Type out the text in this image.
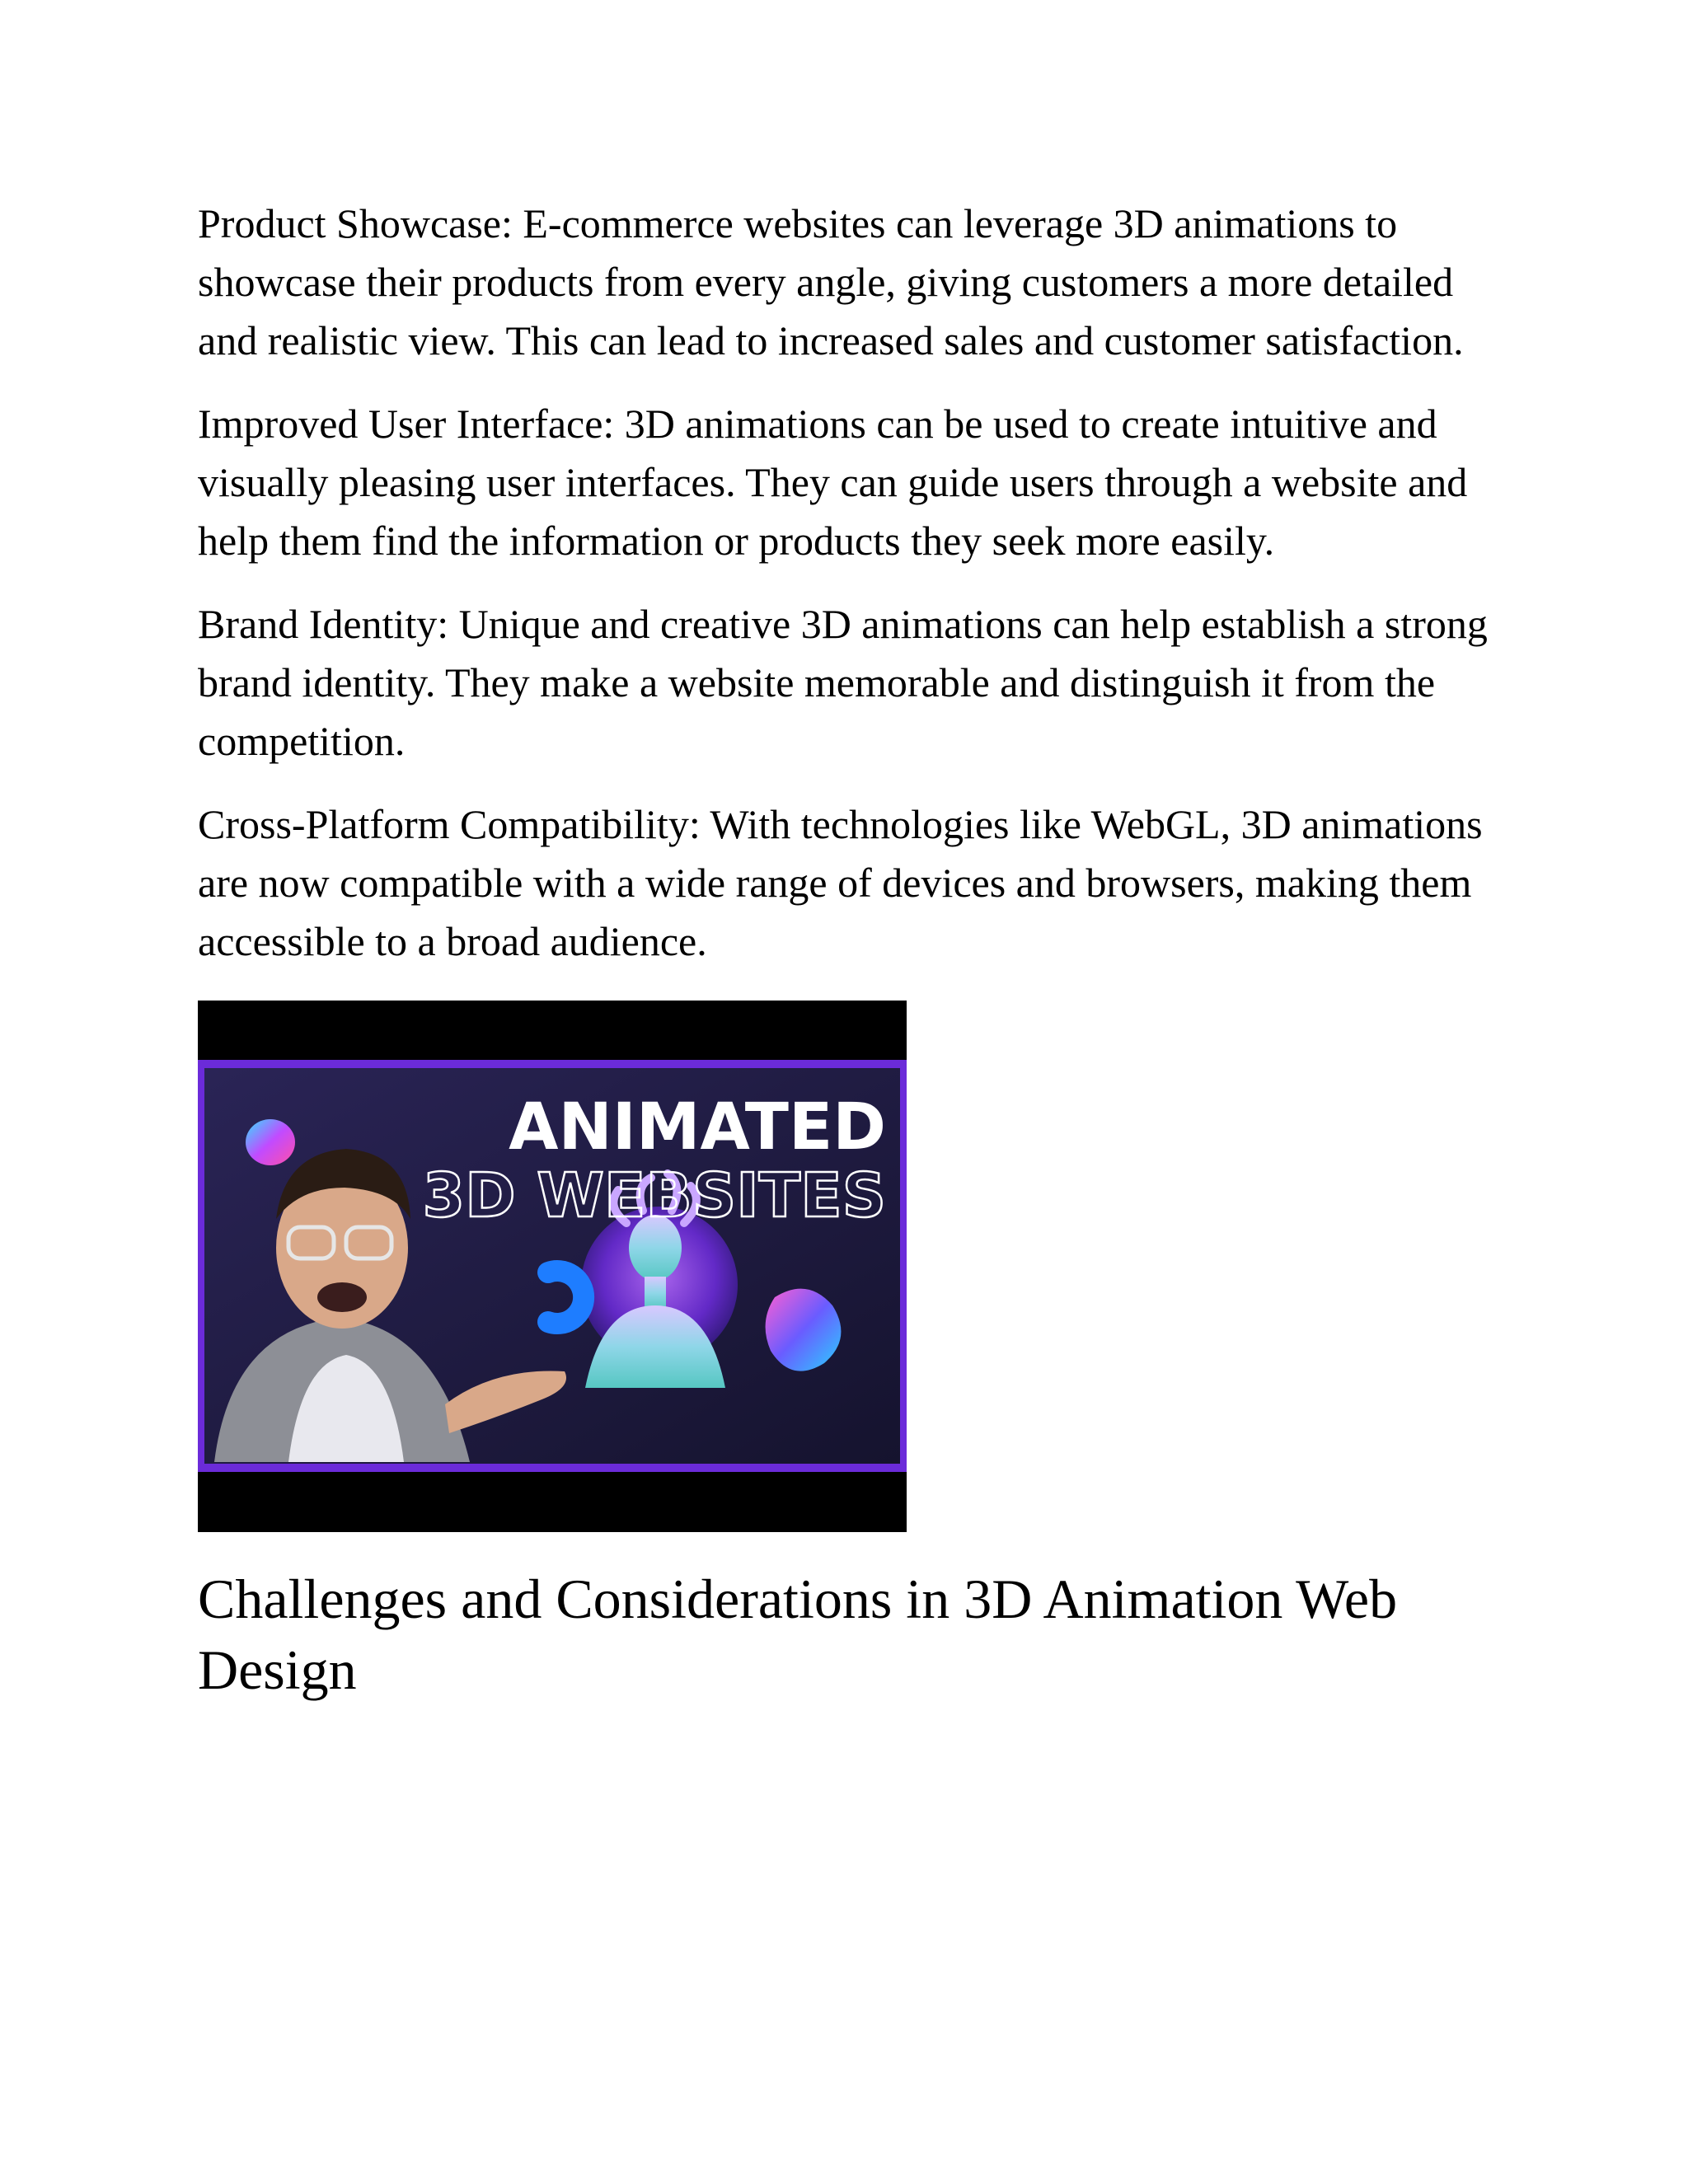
Product Showcase: E-commerce websites can leverage 3D animations to showcase their products from every angle, giving customers a more detailed and realistic view. This can lead to increased sales and customer satisfaction.

Improved User Interface: 3D animations can be used to create intuitive and visually pleasing user interfaces. They can guide users through a website and help them find the information or products they seek more easily.

Brand Identity: Unique and creative 3D animations can help establish a strong brand identity. They make a website memorable and distinguish it from the competition.

Cross-Platform Compatibility: With technologies like WebGL, 3D animations are now compatible with a wide range of devices and browsers, making them accessible to a broad audience.

ANIMATED
3D WEBSITES
Challenges and Considerations in 3D Animation Web Design
